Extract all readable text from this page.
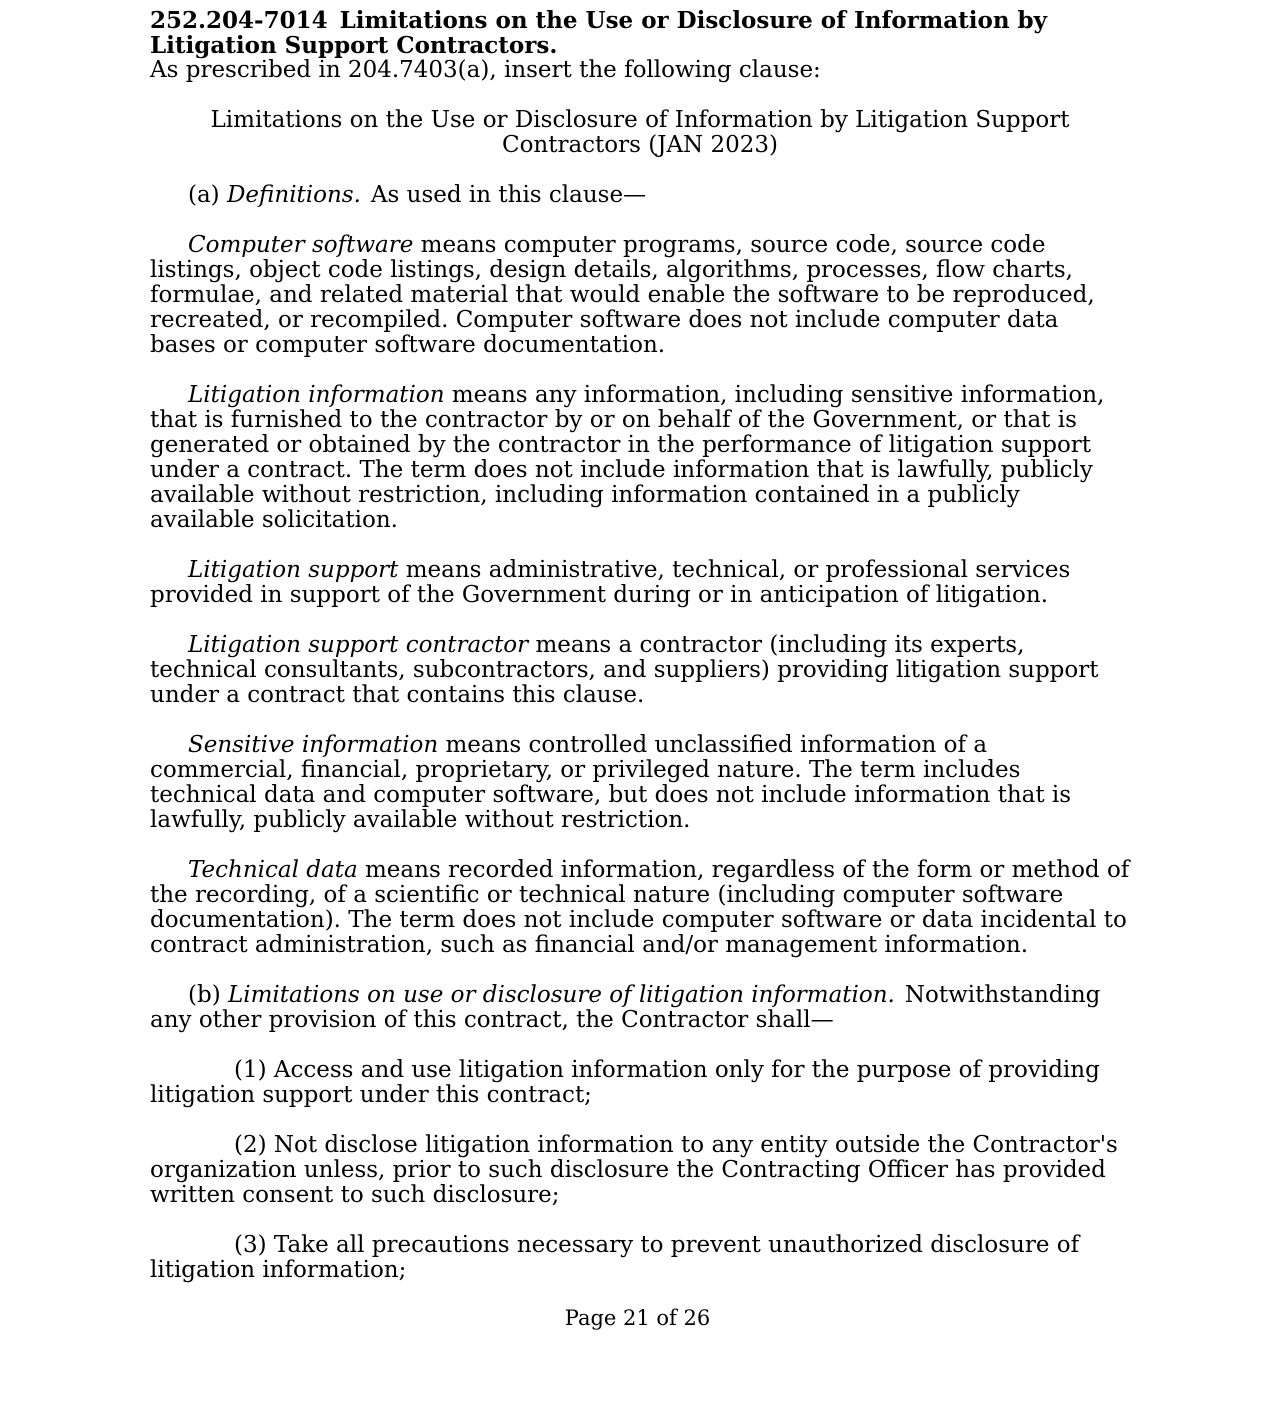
252.204-7014 Limitations on the Use or Disclosure of Information by Litigation Support Contractors.

As prescribed in 204.7403(a), insert the following clause:

Limitations on the Use or Disclosure of Information by Litigation Support
Contractors (JAN 2023)

(a) Definitions. As used in this clause—

Computer software means computer programs, source code, source code listings, object code listings, design details, algorithms, processes, flow charts, formulae, and related material that would enable the software to be reproduced, recreated, or recompiled. Computer software does not include computer data bases or computer software documentation.

Litigation information means any information, including sensitive information, that is furnished to the contractor by or on behalf of the Government, or that is generated or obtained by the contractor in the performance of litigation support under a contract. The term does not include information that is lawfully, publicly available without restriction, including information contained in a publicly available solicitation.

Litigation support means administrative, technical, or professional services provided in support of the Government during or in anticipation of litigation.

Litigation support contractor means a contractor (including its experts, technical consultants, subcontractors, and suppliers) providing litigation support under a contract that contains this clause.

Sensitive information means controlled unclassified information of a commercial, financial, proprietary, or privileged nature. The term includes technical data and computer software, but does not include information that is lawfully, publicly available without restriction.

Technical data means recorded information, regardless of the form or method of the recording, of a scientific or technical nature (including computer software documentation). The term does not include computer software or data incidental to contract administration, such as financial and/or management information.

(b) Limitations on use or disclosure of litigation information. Notwithstanding any other provision of this contract, the Contractor shall—

(1) Access and use litigation information only for the purpose of providing litigation support under this contract;

(2) Not disclose litigation information to any entity outside the Contractor's organization unless, prior to such disclosure the Contracting Officer has provided written consent to such disclosure;

(3) Take all precautions necessary to prevent unauthorized disclosure of litigation information;

Page 21 of 26
